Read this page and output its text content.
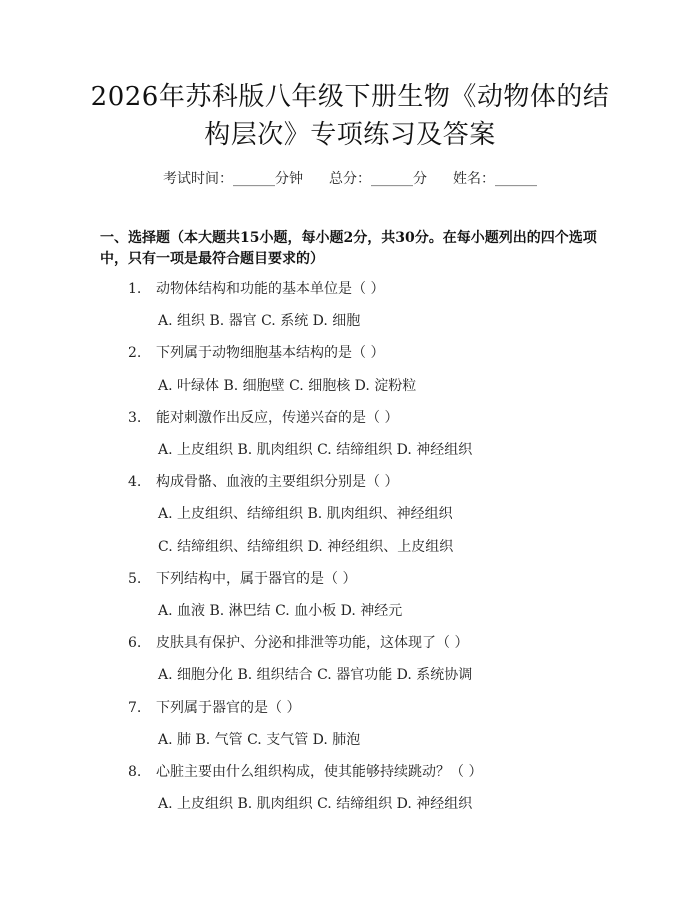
2026年苏科版八年级下册生物《动物体的结
构层次》专项练习及答案
考试时间：______分钟 总分：______分 姓名：______
一、选择题（本大题共15小题，每小题2分，共30分。在每小题列出的四个选项中，只有一项是最符合题目要求的）
1. 动物体结构和功能的基本单位是（ ）
A. 组织 B. 器官 C. 系统 D. 细胞
2. 下列属于动物细胞基本结构的是（ ）
A. 叶绿体 B. 细胞壁 C. 细胞核 D. 淀粉粒
3. 能对刺激作出反应，传递兴奋的是（ ）
A. 上皮组织 B. 肌肉组织 C. 结缔组织 D. 神经组织
4. 构成骨骼、血液的主要组织分别是（ ）
A. 上皮组织、结缔组织 B. 肌肉组织、神经组织
C. 结缔组织、结缔组织 D. 神经组织、上皮组织
5. 下列结构中，属于器官的是（ ）
A. 血液 B. 淋巴结 C. 血小板 D. 神经元
6. 皮肤具有保护、分泌和排泄等功能，这体现了（ ）
A. 细胞分化 B. 组织结合 C. 器官功能 D. 系统协调
7. 下列属于器官的是（ ）
A. 肺 B. 气管 C. 支气管 D. 肺泡
8. 心脏主要由什么组织构成，使其能够持续跳动？（ ）
A. 上皮组织 B. 肌肉组织 C. 结缔组织 D. 神经组织
